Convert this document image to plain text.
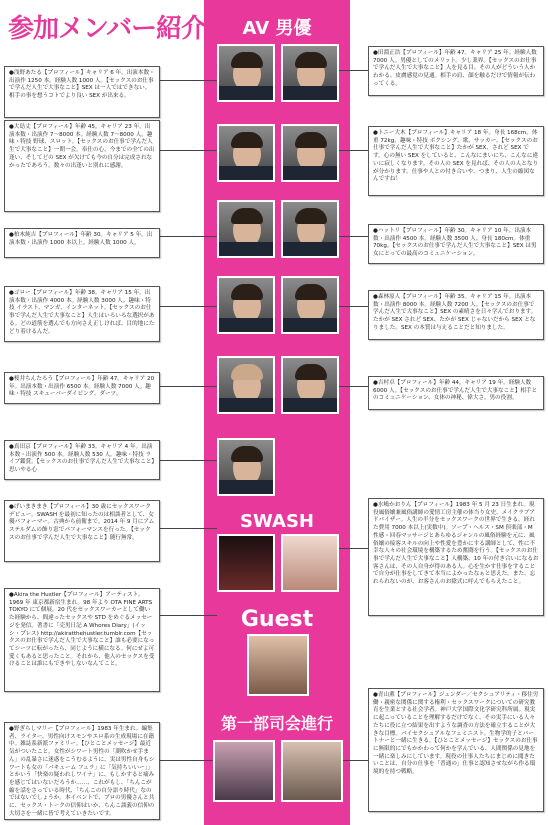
参加メンバー紹介	AV 男優
SWASH
Guest
第一部司会進行

●浅野あたる【プロフィール】キャリア 6 年。出演本数・出演作 1250 本。経験人数 1000 人。【セックスのお仕事で学んだ人生で大事なこと】SEX は一人ではできない。相手の事を想うコトでより良い SEX が出来る。

●大島丈【プロフィール】年齢 45。キャリア 23 年。出演本数・出演作 7〜8000 本。経験人数 7〜8000 人。趣味・特技 野球、スロット。【セックスのお仕事で学んだ人生で大事なこと】一期一会。奉仕の心。今までの全ての出逢い、そしてどの SEX が欠けても今の自分は完成されなかったであろう。数々の出逢いと別れに感謝。

●柏木純吉【プロフィール】年齢 30。キャリア 5 年。出演本数・出演作 1000 本以上。経験人数 1000 人。

●ゴロー【プロフィール】年齢 38。キャリア 15 年。出演本数・出演作 4000 本。経験人数 3000 人。趣味・特技 イラスト、マンガ、インターネット。【セックスのお仕事で学んだ人生で大事なこと】人生はいろいろな選択がある。どの道筋を選んでも方向さえ正しければ、目的地にたどり着けるんだ。

●桜井ちんたろう【プロフィール】年齢 47。キャリア 20 年。出演本数・出演作 6500 本。経験人数 7000 人。趣味・特技 スキューバーダイビング、ダーツ。

●真田京【プロフィール】年齢 33。キャリア 4 年。出演本数・出演作 500 本。経験人数 530 人。趣味・特技 ライブ鑑賞。【セックスのお仕事で学んだ人生で大事なこと】思いやる心

●田淵正浩【プロフィール】年齢 47。キャリア 25 年。経験人数 7000 人。男優としてのメリット。少し業界。【セックスのお仕事で学んだ人生で大事なこと】人を見る目。その人がどういう人かわかる。皮膚感覚の見通。相手の肩、顔を触るだけで情報が伝わってくる。

●トニー大木【プロフィール】キャリア 18 年。身長 168cm。体重 72kg。趣味・特技 ボクシング、歌、サッカー。【セックスのお仕事で学んだ人生で大事なこと】たかが SEX、されど SEX です。心の無い SEX をしていると、こんなにまいにち、こんなに違いに寂しくなります。その人の SEX を見れば、その人の人となりが分かります。仕事や人との付き合いや、つまり、人生の縮図なんですね！

●ハットリ【プロフィール】年齢 30。キャリア 10 年。出演本数・出演作 4500 本。経験人数 3500 人。身長 180cm。体重 70kg。【セックスのお仕事で学んだ人生で大事なこと】SEX は男女にとっての最高のコミュニケーション。

●森林原人【プロフィール】年齢 35。キャリア 15 年。出演本数・出演作 8000 本。経験人数 7200 人。【セックスのお仕事で学んだ人生で大事なこと】SEX の素晴さを日々学んでおります。たかが SEX されど SEX、たかが SEX じゃないだから SEX となりました。SEX の本質は与えることだと知りました。

●吉村卓【プロフィール】年齢 44。キャリア 19 年。経験人数 6000 人。【セックスのお仕事で学んだ人生で大事なこと】相手とのコミュニケーション、女体の神秘、偉大さ。男の役割。

●げいまきまき【プロフィール】30 歳にセックスワークデビュー。SWASH を最初に知ったのは相談者として、女優パフォーマー。古典から前衛まで。2014 年 9 月にアムステルダムの飾り窓でパフォーマンスを行った。【セックスのお仕事で学んだ人生で大事なこと】随行無常。

●Akira the Hustler【プロフィール】アーティスト。1969 年 東京都新宿生まれ。98 年より OTA FINE ARTS TOKYO にて個展。20 代をセックスワーカーとして働いた経験から、間違ったセックスや STD をめぐるメッセージを発信。著書に「売男日記 A Whores Diary」(イッシ・プレス) http://akiratthehustler.tumblr.com【セックスのお仕事で学んだ人生で大事なこと】誰も必要になってシーツに転がったら、同じように横になる。何にせよ可愛くもあると思ったこと。それから、他人のセックスを受けることは誰にもできやしないなんてこと。

●水嶋かおりん【プロフィール】1983 年 5 月 23 日生まれ。現役風俗嬢兼風俗講師の愛情工房主催の体当り女史、メイクラブアドバイザー。人生の半分をセックスワークの世界で生きる。経れた費用 7000 本以上(実数中)。ソープ・ヘルス・SM 倶楽部・M 性感・回春マッサージとあらゆるジャンルの風俗経験を元に、風俗嬢の接客スキルの向上や性愛を豊かにする講師として、性に不幸な人々の社会環境を構築するため奮闘を行う。【セックスのお仕事で学んだ人生で大事なこと】人構築、10 年の付き合いになるお客さんは、その人自身が得のある人。心を生かす仕事をすることで自分が仕事をしてきて本当によかったなぁと思えた。また、忘れられないのが、お客さんのお陰式に呼んでもらえたこと。

●野ぎらしマリー【プロフィール】1983 年生まれ。編集者、ライター。男性向けスモンやエロ系の生成現場に在籍中。雑誌系新派ファミリー。【ひとことメッセージ】最近気がついたこと。女性がシワート男性の「潮吹かせ手まん」の乱暴さに迷惑をこうむるように、実は男性自身もシワートも女の「バキューム フェラ」に「気持ちいいー」」とかいう「快楽の疑われしワイナ」に、もしかすると痛みを感じてはいないだろうか……、これがもし、「ちんこが縮を話をさっている時代、「ちんこの自分語り時代」なのではないでしょうか。本イベントで、プロの男優さんと共に、セックス・トークの信仰はいか、ちんこ談義の信仰の大切さを一緒に皆で考えていきたいです。

●青山薫【プロフィール】ジェンダー／セクシュアリティ・移住労働・親密な関係に関する権利・セックスワークについての研究教育を生業とする社会学者。神戸大学国際文化学研究科所属。現実に起こっていることを理解するだけでなく、その実手にいる人々たちに役に立つ結果を出すような調査の方法を確立することが大きな目標。バイセクシュアルなフェミニスト。生物学的子とパートナーと一緒に生きる。【ひとことメッセージ】セックスのお仕事に無限的にでもかかわって何かを学んでいる、人間関係の見地を一緒に楽しみにしています。現役の仕事人たちにまじめに聞きたいことは、自分の仕事を「普通の」仕事と認知させながら作る環境的を持つ戦略。
